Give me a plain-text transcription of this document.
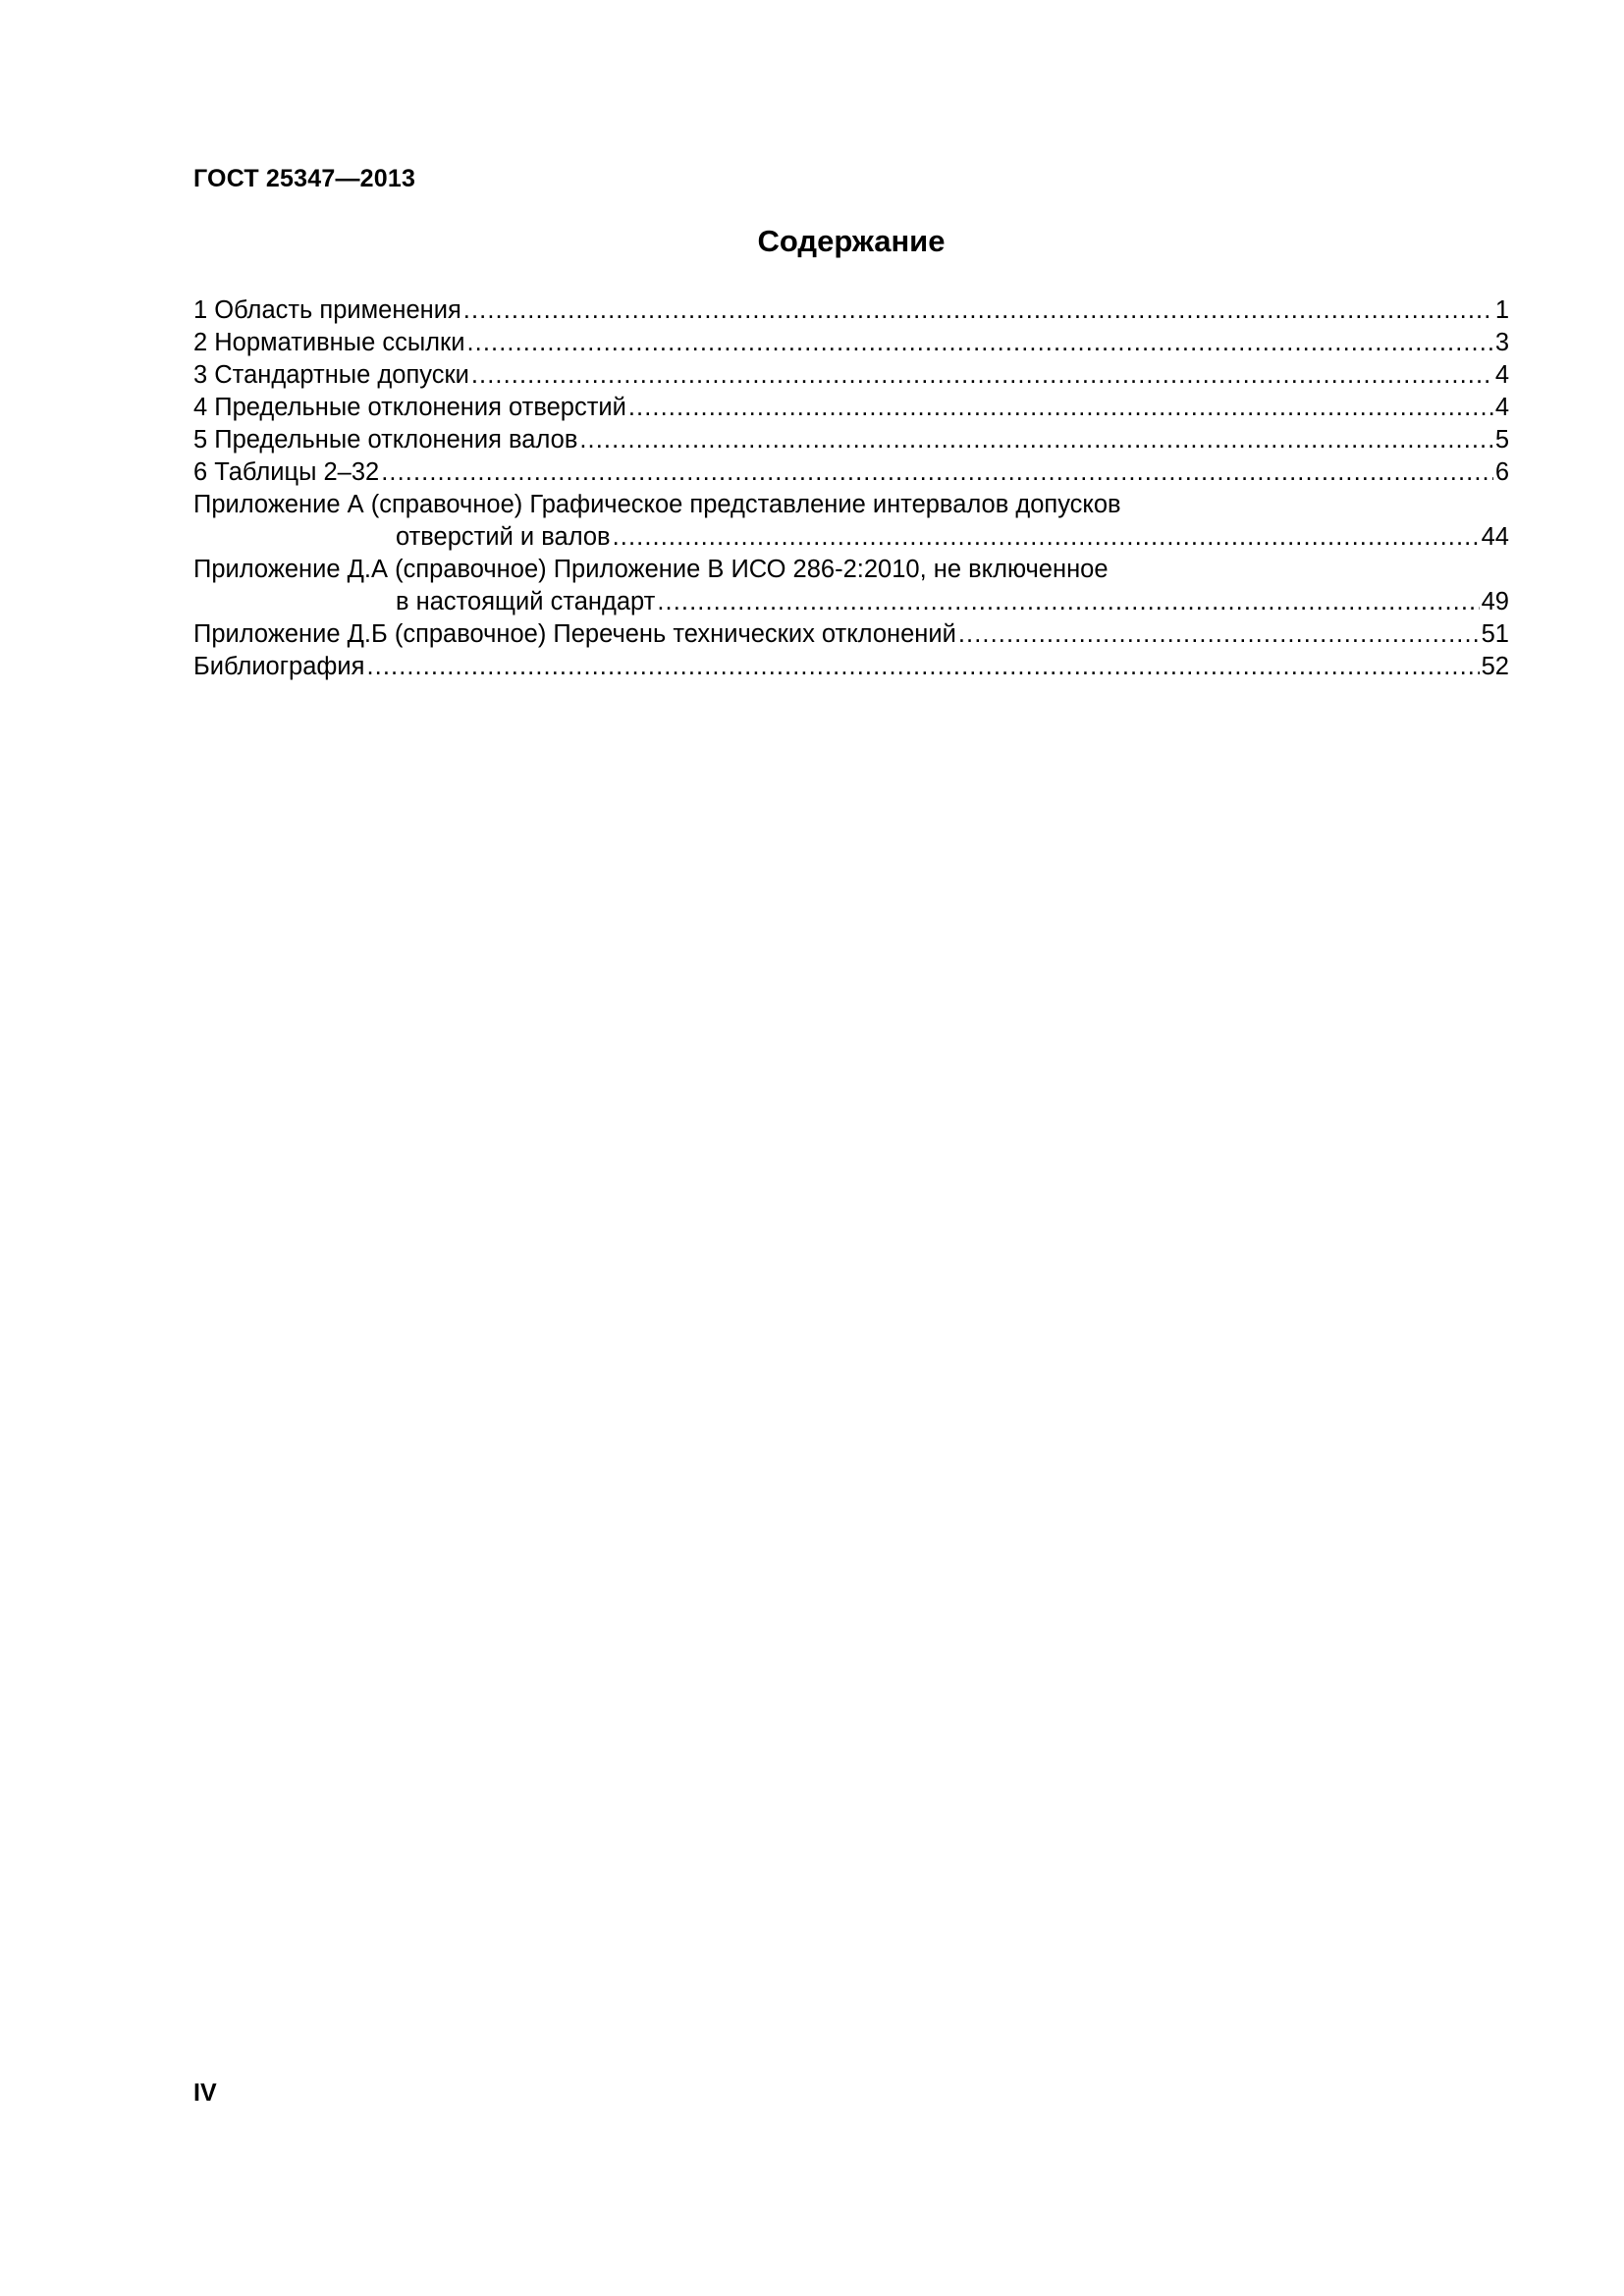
ГОСТ 25347—2013
Содержание
1 Область применения .....	1
2 Нормативные ссылки .....	3
3 Стандартные допуски .....	4
4 Предельные отклонения отверстий .....	4
5 Предельные отклонения валов .....	5
6 Таблицы 2–32 .....	6
Приложение А (справочное) Графическое представление интервалов допусков
отверстий и валов .....	44
Приложение Д.А (справочное) Приложение В ИСО 286-2:2010, не включенное
в настоящий стандарт .....	49
Приложение Д.Б (справочное) Перечень технических отклонений .....	51
Библиография .....	52
IV
